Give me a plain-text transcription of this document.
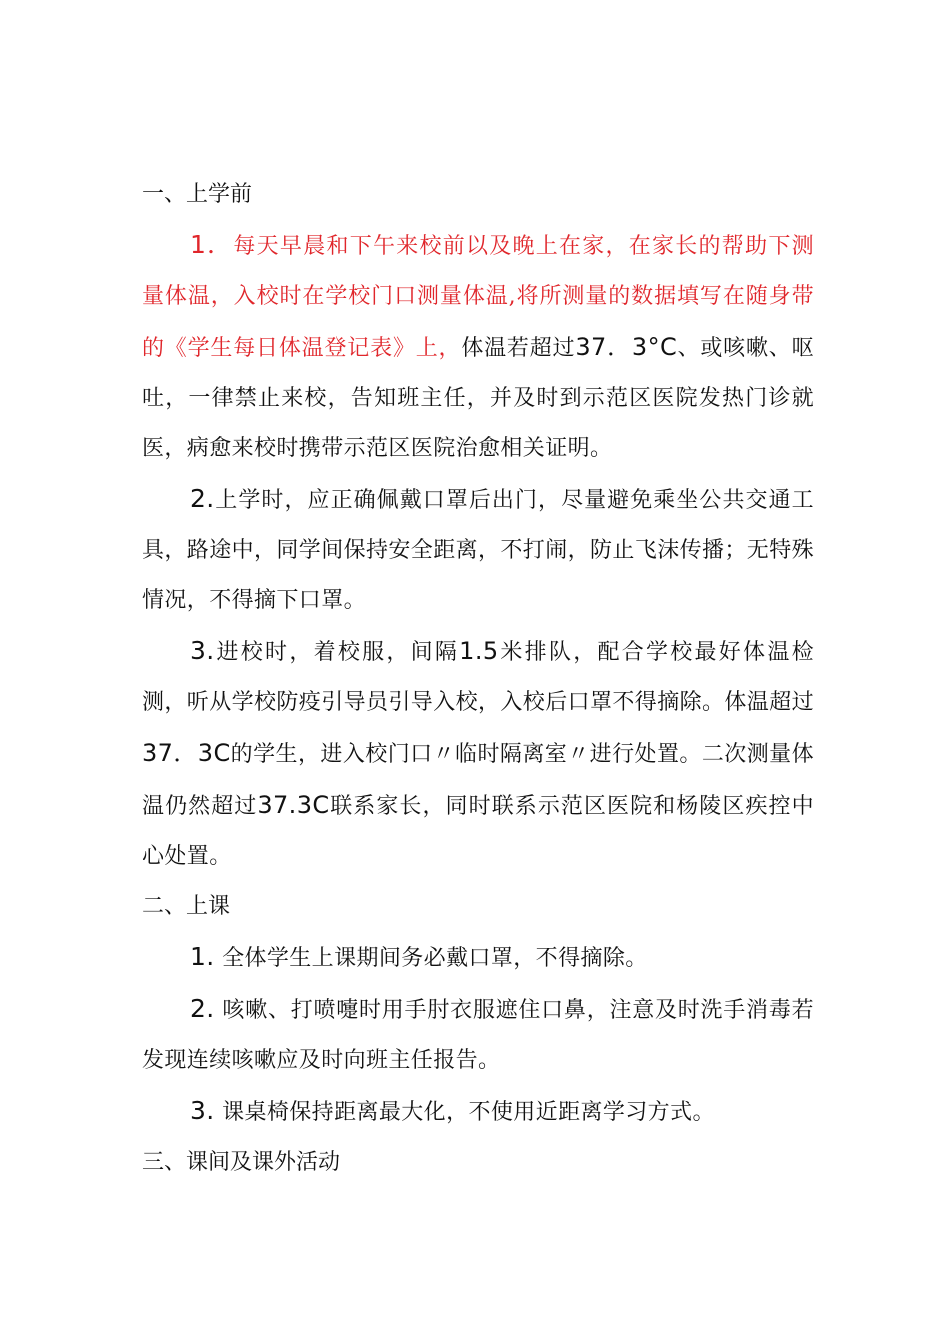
一、上学前

1．每天早晨和下午来校前以及晚上在家，在家长的帮助下测量体温，入校时在学校门口测量体温,将所测量的数据填写在随身带的《学生每日体温登记表》上，体温若超过37．3°C、或咳嗽、呕吐，一律禁止来校，告知班主任，并及时到示范区医院发热门诊就医，病愈来校时携带示范区医院治愈相关证明。

2.上学时，应正确佩戴口罩后出门，尽量避免乘坐公共交通工具，路途中，同学间保持安全距离，不打闹，防止飞沫传播；无特殊情况，不得摘下口罩。

3.进校时，着校服，间隔1.5米排队，配合学校最好体温检测，听从学校防疫引导员引导入校，入校后口罩不得摘除。体温超过37．3C的学生，进入校门口〃临时隔离室〃进行处置。二次测量体温仍然超过37.3C联系家长，同时联系示范区医院和杨陵区疾控中心处置。

二、上课

1. 全体学生上课期间务必戴口罩，不得摘除。

2. 咳嗽、打喷嚏时用手肘衣服遮住口鼻，注意及时洗手消毒若发现连续咳嗽应及时向班主任报告。

3. 课桌椅保持距离最大化，不使用近距离学习方式。

三、课间及课外活动
